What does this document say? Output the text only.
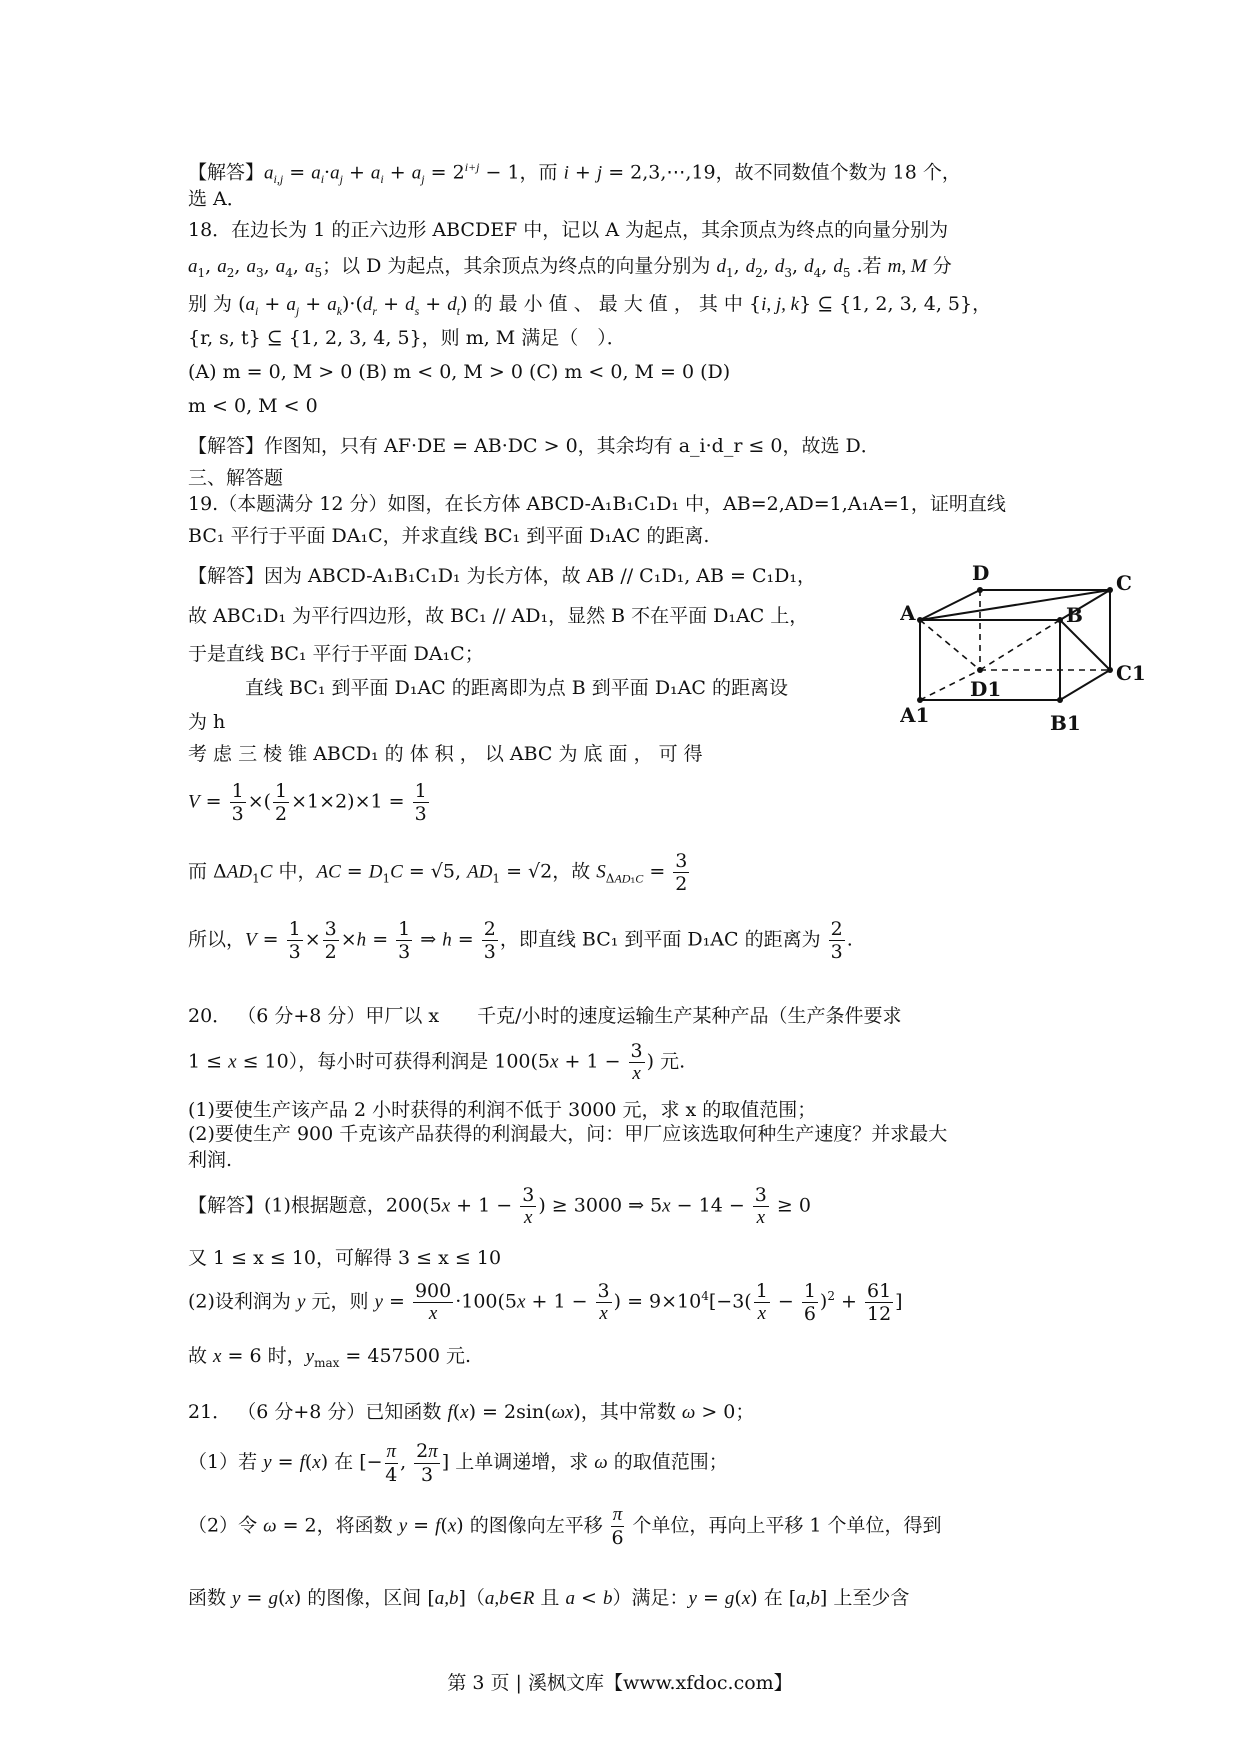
【解答】$a_{i,j} = a_i\cdot a_j + a_i + a_j = 2^{i+j} - 1$，而 i + j = 2,3,⋯,19，故不同数值个数为 18 个，
选 A．
18．在边长为 1 的正六边形 ABCDEF 中，记以 A 为起点，其余顶点为终点的向量分别为
$a_1$, $a_2$, $a_3$, $a_4$, $a_5$；以 D 为起点，其余顶点为终点的向量分别为 $d_1$, $d_2$, $d_3$, $d_4$, $d_5$ .若 m, M 分
别 为 $(a_i + a_j + a_k)\cdot(d_r + d_s + d_t)$ 的 最 小 值 、 最 大 值 ， 其 中 {i, j, k} ⊆ {1, 2, 3, 4, 5}，
{r, s, t} ⊆ {1, 2, 3, 4, 5}，则 m, M 满足（　）．
(A) m = 0, M > 0 (B) m < 0, M > 0 (C) m < 0, M = 0 (D)
m < 0, M < 0
【解答】作图知，只有 AF·DE = AB·DC > 0，其余均有 a_i·d_r ≤ 0，故选 D．
三、解答题
19.（本题满分 12 分）如图，在长方体 ABCD-A₁B₁C₁D₁ 中，AB=2,AD=1,A₁A=1，证明直线
BC₁ 平行于平面 DA₁C，并求直线 BC₁ 到平面 D₁AC 的距离.
【解答】因为 ABCD-A₁B₁C₁D₁ 为长方体，故 AB // C₁D₁, AB = C₁D₁，
故 ABC₁D₁ 为平行四边形，故 BC₁ // AD₁，显然 B 不在平面 D₁AC 上，
于是直线 BC₁ 平行于平面 DA₁C；
　　　直线 BC₁ 到平面 D₁AC 的距离即为点 B 到平面 D₁AC 的距离设
为 h
考 虑 三 棱 锥 ABCD₁ 的 体 积 ， 以 ABC 为 底 面 ， 可 得
$V = \frac{1}{3}$ ×( $\frac{1}{2} \times 1\times 2)\times 1 = \frac{1}{3}$
而 $\Delta AD_1C$ 中，AC = $D_1C = √5$, $AD_1 = √2$，故 $S_{\Delta AD_1C} = \frac{3}{2}$
所以，$V = \frac{1}{3} \times \frac{3}{2} \times h = \frac{1}{3}$ ⇒ $h = \frac{2}{3}$ ，即直线 BC₁ 到平面 D₁AC 的距离为 $\frac{2}{3}$ .
20． （6 分+8 分）甲厂以 x　　千克/小时的速度运输生产某种产品（生产条件要求
1 ≤ x ≤ 10），每小时可获得利润是 $100(5x + 1 - \frac{3}{x}$ ) 元.
(1)要使生产该产品 2 小时获得的利润不低于 3000 元，求 x 的取值范围；
(2)要使生产 900 千克该产品获得的利润最大，问：甲厂应该选取何种生产速度？并求最大
利润.
【解答】(1)根据题意，$200(5x + 1 - \frac{3}{x}$ ) ≥ 3000 ⇒ $5x - 14 - \frac{3}{x} \ge 0$
又 1 ≤ x ≤ 10，可解得 3 ≤ x ≤ 10
(2)设利润为 y 元，则 $y = \frac{900}{x} \cdot 100(5x + 1 - \frac{3}{x}$ ) = $9\times 10^4[-3( \frac{1}{x} - \frac{1}{6} )^2 + \frac{61}{12}$ ]
故 x = 6 时，$y_{max} = 457500$ 元.
21． （6 分+8 分）已知函数 f(x) = 2sin(ωx)，其中常数 ω > 0；
（1）若 y = f(x) 在 [− $\frac{\pi}{4}$ , $\frac{2\pi}{3}$ ] 上单调递增，求 ω 的取值范围；
（2）令 ω = 2，将函数 y = f(x) 的图像向左平移 $\frac{\pi}{6}$ 个单位，再向上平移 1 个单位，得到
函数 y = g(x) 的图像，区间 [a,b]（a,b∈R 且 a < b）满足：y = g(x) 在 [a,b] 上至少含
D	C
A	B
C1
D1
A1	B1
第 3 页 | 溪枫文库【www.xfdoc.com】
